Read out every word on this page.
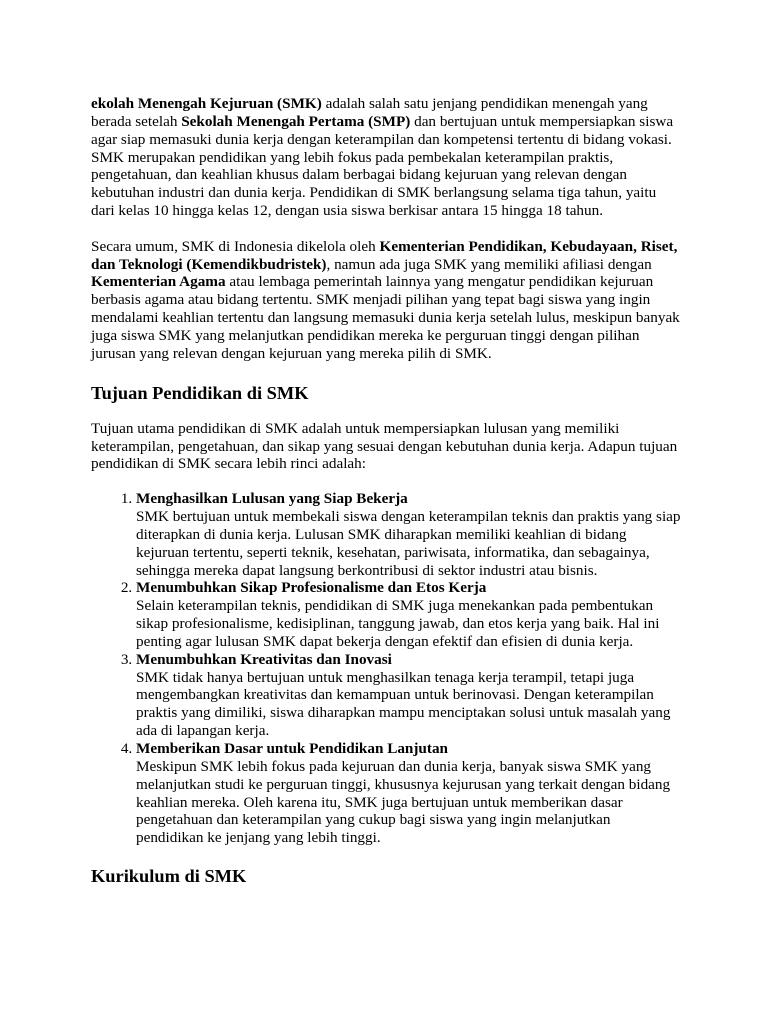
ekolah Menengah Kejuruan (SMK) adalah salah satu jenjang pendidikan menengah yang berada setelah Sekolah Menengah Pertama (SMP) dan bertujuan untuk mempersiapkan siswa agar siap memasuki dunia kerja dengan keterampilan dan kompetensi tertentu di bidang vokasi. SMK merupakan pendidikan yang lebih fokus pada pembekalan keterampilan praktis, pengetahuan, dan keahlian khusus dalam berbagai bidang kejuruan yang relevan dengan kebutuhan industri dan dunia kerja. Pendidikan di SMK berlangsung selama tiga tahun, yaitu dari kelas 10 hingga kelas 12, dengan usia siswa berkisar antara 15 hingga 18 tahun.

Secara umum, SMK di Indonesia dikelola oleh Kementerian Pendidikan, Kebudayaan, Riset, dan Teknologi (Kemendikbudristek), namun ada juga SMK yang memiliki afiliasi dengan Kementerian Agama atau lembaga pemerintah lainnya yang mengatur pendidikan kejuruan berbasis agama atau bidang tertentu. SMK menjadi pilihan yang tepat bagi siswa yang ingin mendalami keahlian tertentu dan langsung memasuki dunia kerja setelah lulus, meskipun banyak juga siswa SMK yang melanjutkan pendidikan mereka ke perguruan tinggi dengan pilihan jurusan yang relevan dengan kejuruan yang mereka pilih di SMK.

Tujuan Pendidikan di SMK

Tujuan utama pendidikan di SMK adalah untuk mempersiapkan lulusan yang memiliki keterampilan, pengetahuan, dan sikap yang sesuai dengan kebutuhan dunia kerja. Adapun tujuan pendidikan di SMK secara lebih rinci adalah:

1. Menghasilkan Lulusan yang Siap Bekerja
SMK bertujuan untuk membekali siswa dengan keterampilan teknis dan praktis yang siap diterapkan di dunia kerja. Lulusan SMK diharapkan memiliki keahlian di bidang kejuruan tertentu, seperti teknik, kesehatan, pariwisata, informatika, dan sebagainya, sehingga mereka dapat langsung berkontribusi di sektor industri atau bisnis.
2. Menumbuhkan Sikap Profesionalisme dan Etos Kerja
Selain keterampilan teknis, pendidikan di SMK juga menekankan pada pembentukan sikap profesionalisme, kedisiplinan, tanggung jawab, dan etos kerja yang baik. Hal ini penting agar lulusan SMK dapat bekerja dengan efektif dan efisien di dunia kerja.
3. Menumbuhkan Kreativitas dan Inovasi
SMK tidak hanya bertujuan untuk menghasilkan tenaga kerja terampil, tetapi juga mengembangkan kreativitas dan kemampuan untuk berinovasi. Dengan keterampilan praktis yang dimiliki, siswa diharapkan mampu menciptakan solusi untuk masalah yang ada di lapangan kerja.
4. Memberikan Dasar untuk Pendidikan Lanjutan
Meskipun SMK lebih fokus pada kejuruan dan dunia kerja, banyak siswa SMK yang melanjutkan studi ke perguruan tinggi, khususnya kejurusan yang terkait dengan bidang keahlian mereka. Oleh karena itu, SMK juga bertujuan untuk memberikan dasar pengetahuan dan keterampilan yang cukup bagi siswa yang ingin melanjutkan pendidikan ke jenjang yang lebih tinggi.
Kurikulum di SMK
